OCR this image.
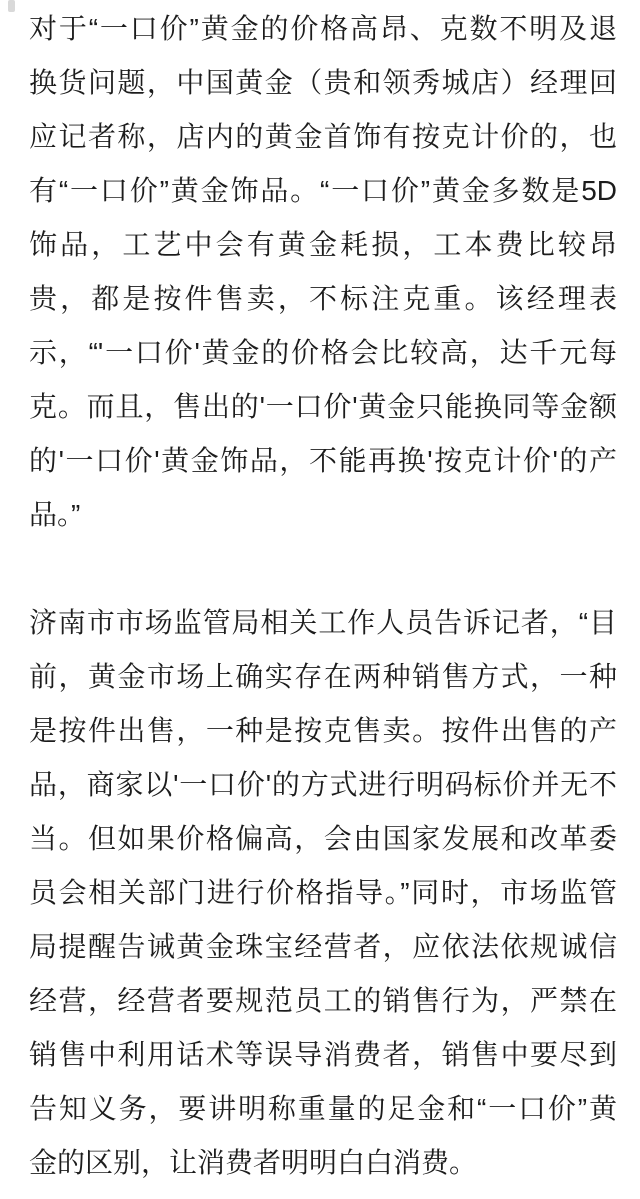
对于“一口价”黄金的价格高昂、克数不明及退
换货问题，中国黄金（贵和领秀城店）经理回
应记者称，店内的黄金首饰有按克计价的，也
有“一口价”黄金饰品。“一口价”黄金多数是5D
饰品，工艺中会有黄金耗损，工本费比较昂
贵，都是按件售卖，不标注克重。该经理表
示，“'一口价'黄金的价格会比较高，达千元每
克。而且，售出的'一口价'黄金只能换同等金额
的'一口价'黄金饰品，不能再换'按克计价'的产
品。”
济南市市场监管局相关工作人员告诉记者，“目
前，黄金市场上确实存在两种销售方式，一种
是按件出售，一种是按克售卖。按件出售的产
品，商家以'一口价'的方式进行明码标价并无不
当。但如果价格偏高，会由国家发展和改革委
员会相关部门进行价格指导。”同时，市场监管
局提醒告诫黄金珠宝经营者，应依法依规诚信
经营，经营者要规范员工的销售行为，严禁在
销售中利用话术等误导消费者，销售中要尽到
告知义务，要讲明称重量的足金和“一口价”黄
金的区别，让消费者明明白白消费。
